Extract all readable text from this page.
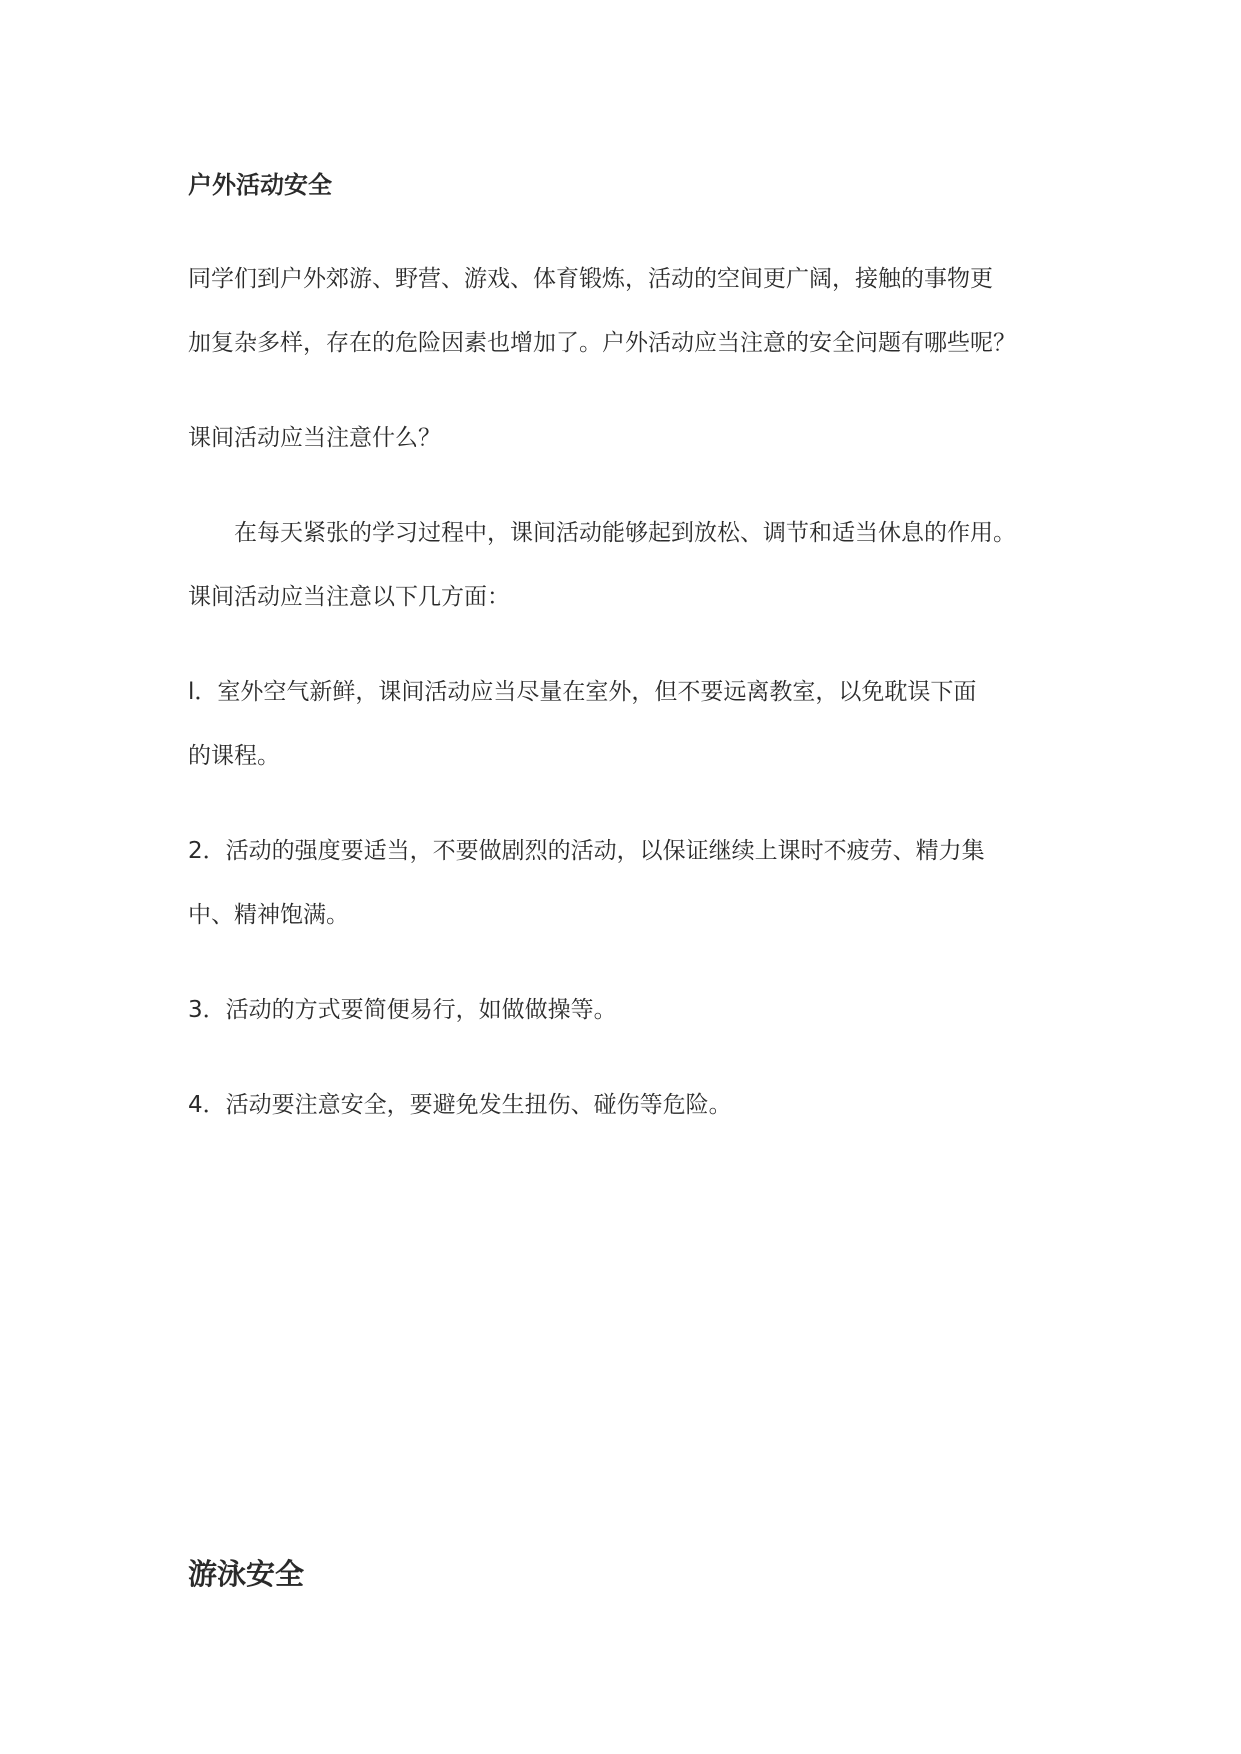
户外活动安全

同学们到户外郊游、野营、游戏、体育锻炼，活动的空间更广阔，接触的事物更

加复杂多样，存在的危险因素也增加了。户外活动应当注意的安全问题有哪些呢？

课间活动应当注意什么？

　　在每天紧张的学习过程中，课间活动能够起到放松、调节和适当休息的作用。

课间活动应当注意以下几方面：

l．室外空气新鲜，课间活动应当尽量在室外，但不要远离教室，以免耽误下面

的课程。

2．活动的强度要适当，不要做剧烈的活动，以保证继续上课时不疲劳、精力集

中、精神饱满。

3．活动的方式要简便易行，如做做操等。

4．活动要注意安全，要避免发生扭伤、碰伤等危险。

游泳安全
